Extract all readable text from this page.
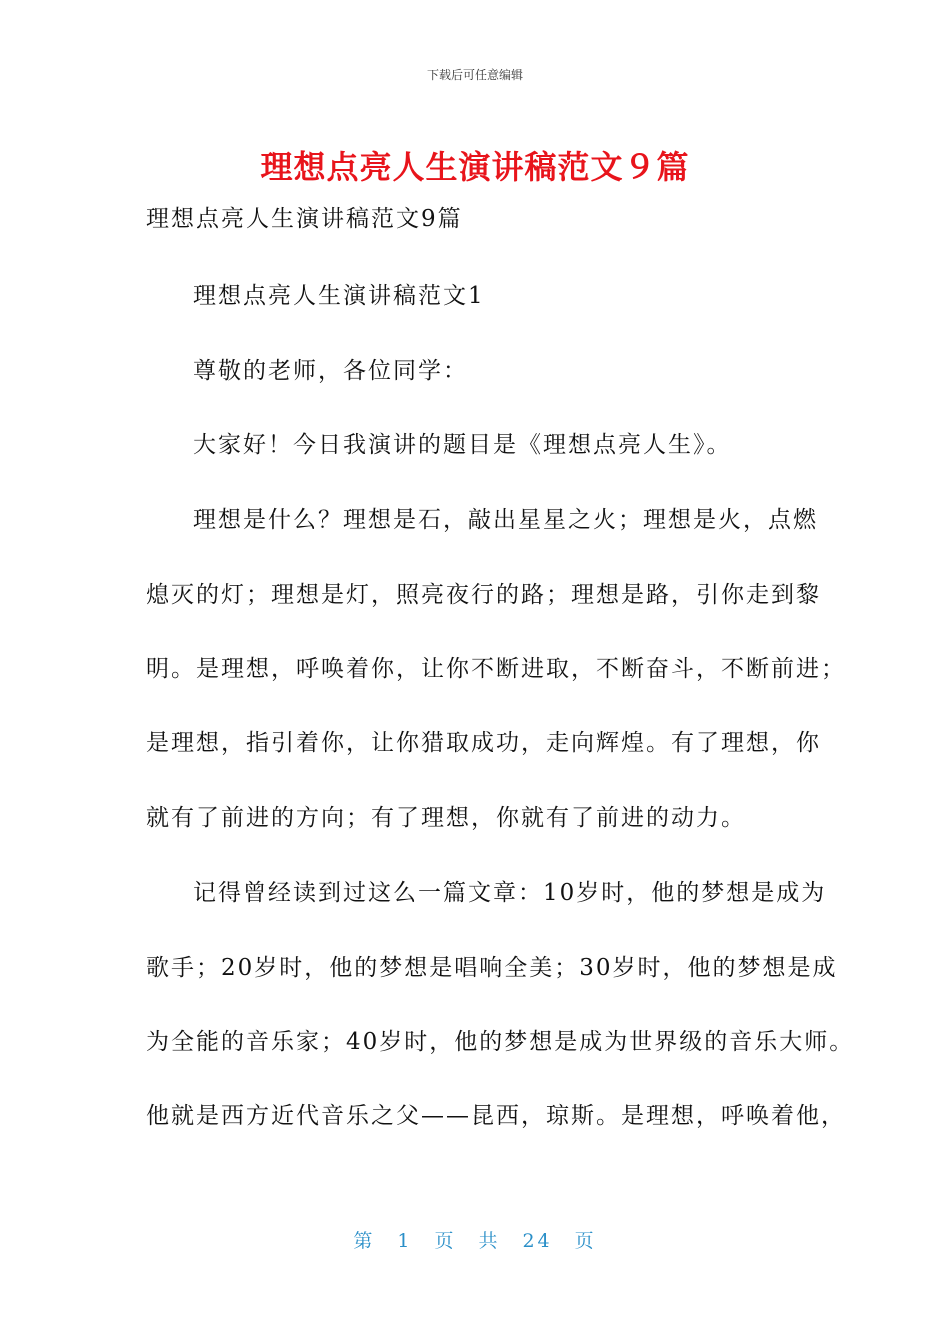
下载后可任意编辑
理想点亮人生演讲稿范文９篇
理想点亮人生演讲稿范文9篇
理想点亮人生演讲稿范文1
尊敬的老师，各位同学：
大家好！今日我演讲的题目是《理想点亮人生》。
理想是什么？理想是石，敲出星星之火；理想是火，点燃
熄灭的灯；理想是灯，照亮夜行的路；理想是路，引你走到黎
明。是理想，呼唤着你，让你不断进取，不断奋斗，不断前进；
是理想，指引着你，让你猎取成功，走向辉煌。有了理想，你
就有了前进的方向；有了理想，你就有了前进的动力。
记得曾经读到过这么一篇文章：10岁时，他的梦想是成为
歌手；20岁时，他的梦想是唱响全美；30岁时，他的梦想是成
为全能的音乐家；40岁时，他的梦想是成为世界级的音乐大师。
他就是西方近代音乐之父——昆西，琼斯。是理想，呼唤着他，
第　1　页　共　24　页
